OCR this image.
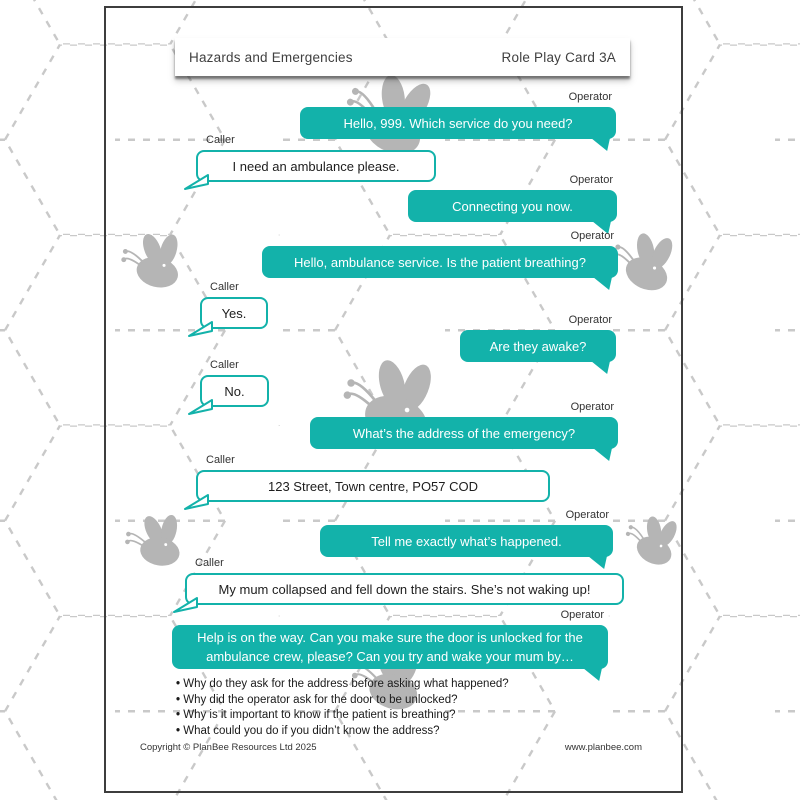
Hazards and Emergencies	Role Play Card 3A
Operator
Hello, 999. Which service do you need?
Caller
I need an ambulance please.
Operator
Connecting you now.
Operator
Hello, ambulance service. Is the patient breathing?
Caller
Yes.	Operator
Are they awake?
Caller
No.
Operator
What’s the address of the emergency?
Caller
123 Street, Town centre, PO57 COD
Operator
Tell me exactly what’s happened.
Caller
My mum collapsed and fell down the stairs. She’s not waking up!
Operator
Help is on the way. Can you make sure the door is unlocked for the ambulance crew, please? Can you try and wake your mum by…
• Why do they ask for the address before asking what happened?
• Why did the operator ask for the door to be unlocked?
• Why is it important to know if the patient is breathing?
• What could you do if you didn’t know the address?
Copyright © PlanBee Resources Ltd 2025	www.planbee.com
